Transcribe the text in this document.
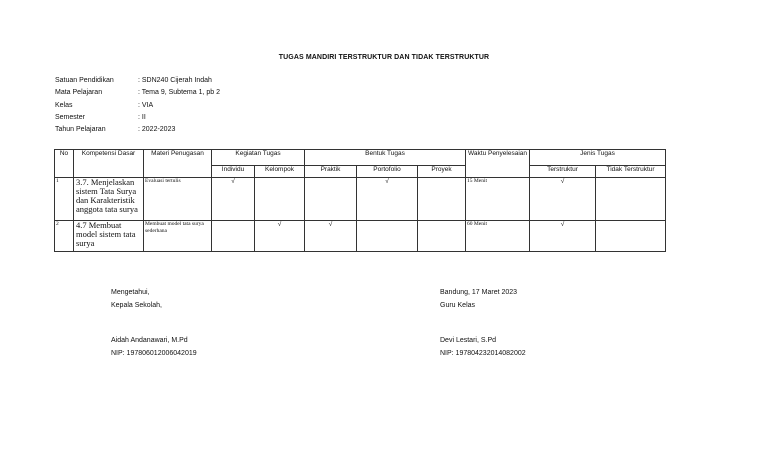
TUGAS MANDIRI TERSTRUKTUR DAN TIDAK TERSTRUKTUR
Satuan Pendidikan	: SDN240 Cijerah Indah
Mata Pelajaran	: Tema 9, Subtema 1, pb 2
Kelas	: VIA
Semester	: II
Tahun Pelajaran	: 2022-2023
No	Kompetensi Dasar	Materi Penugasan	Kegiatan Tugas		Bentuk Tugas			Waktu Penyelesaian	Jenis Tugas	
			Individu	Kelompok	Praktik	Portofolio	Proyek		Terstruktur	Tidak Terstruktur
1	3.7. Menjelaskan sistem Tata Surya dan Karakteristik anggota tata surya	Evaluasi tertulis	√			√		15 Menit	√	
2	4.7 Membuat model sistem tata surya	Membuat model tata surya sederhana		√	√			60 Menit	√	
Mengetahui,
Kepala Sekolah,
Aidah Andanawari, M.Pd
NIP: 197806012006042019
Bandung, 17 Maret 2023
Guru Kelas
Devi Lestari, S.Pd
NIP: 197804232014082002
